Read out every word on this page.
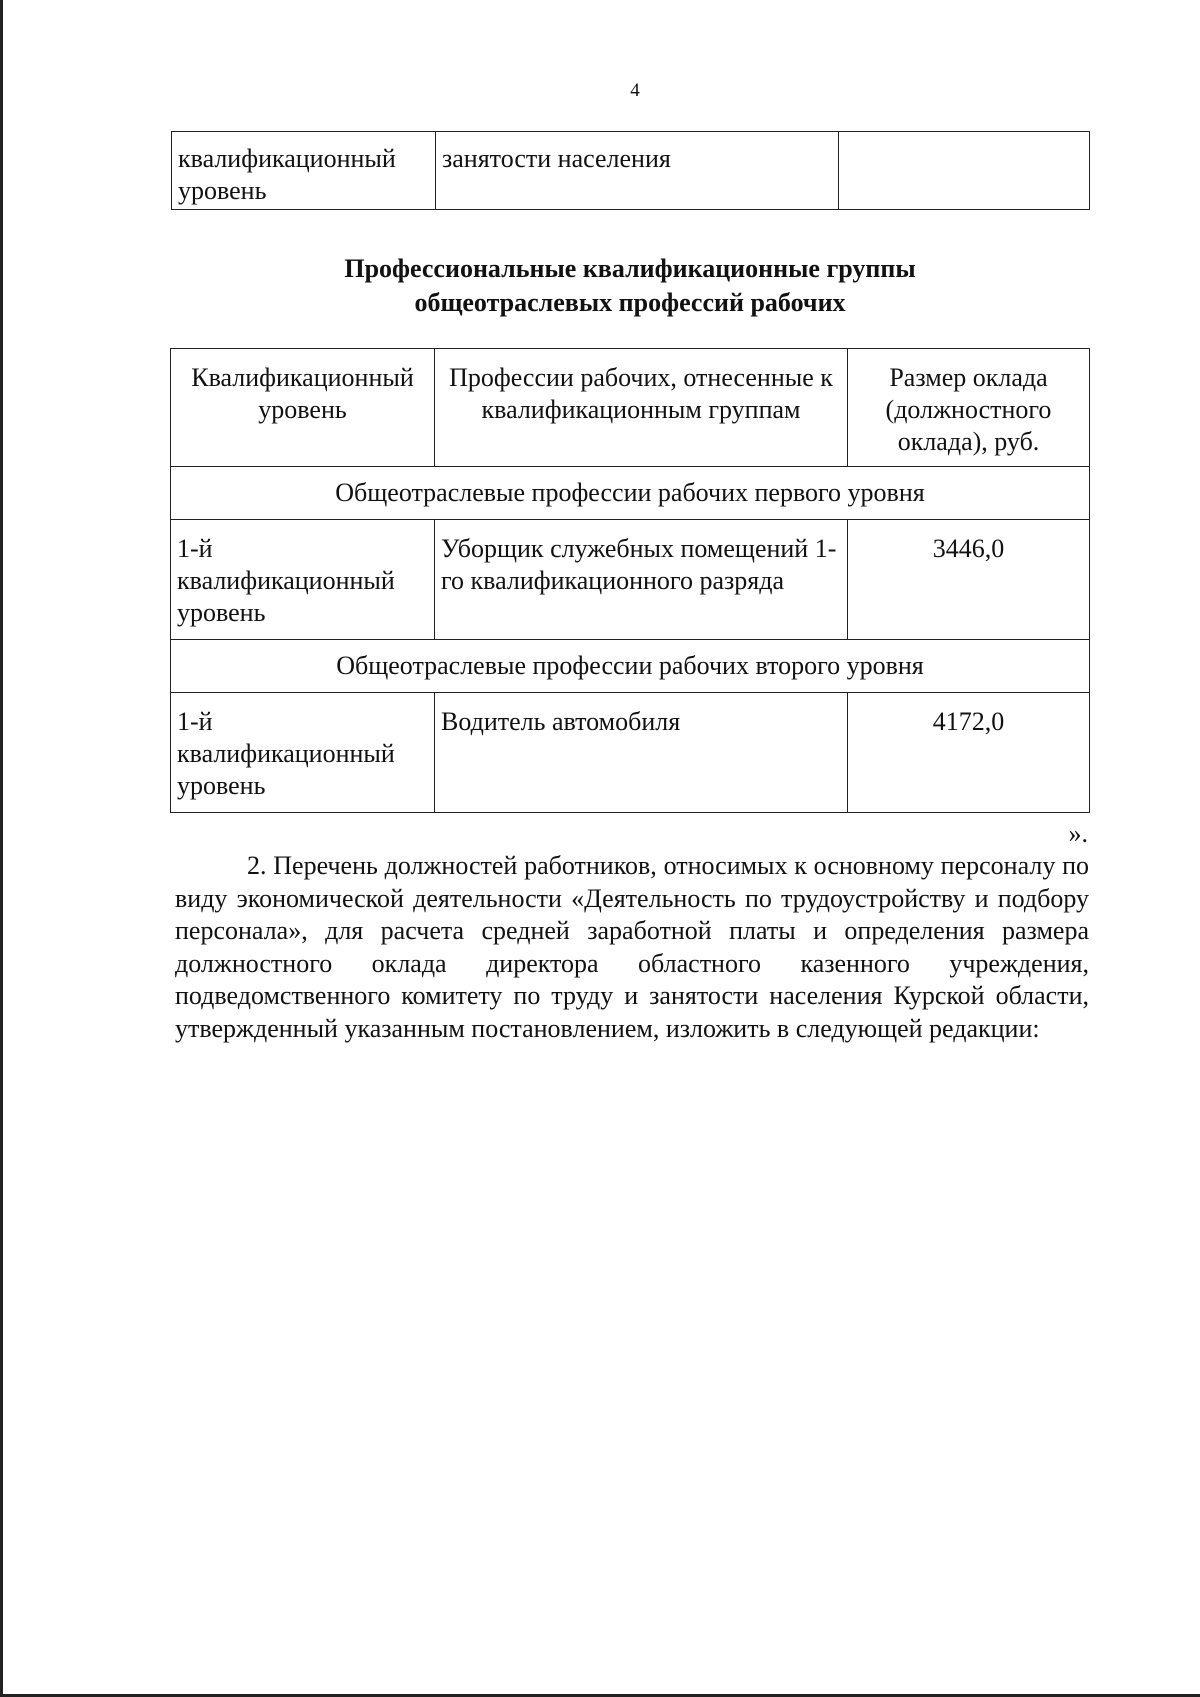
4
квалификационный уровень	занятости населения	
Профессиональные квалификационные группы
общеотраслевых профессий рабочих
Квалификационный уровень	Профессии рабочих, отнесенные к квалификационным группам	Размер оклада (должностного оклада), руб.
Общеотраслевые профессии рабочих первого уровня		
1-й квалификационный уровень	Уборщик служебных помещений 1-го квалификационного разряда	3446,0
Общеотраслевые профессии рабочих второго уровня		
1-й квалификационный уровень	Водитель автомобиля	4172,0
».

2. Перечень должностей работников, относимых к основному персоналу по виду экономической деятельности «Деятельность по трудоустройству и подбору персонала», для расчета средней заработной платы и определения размера должностного оклада директора областного казенного учреждения, подведомственного комитету по труду и занятости населения Курской области, утвержденный указанным постановлением, изложить в следующей редакции:
